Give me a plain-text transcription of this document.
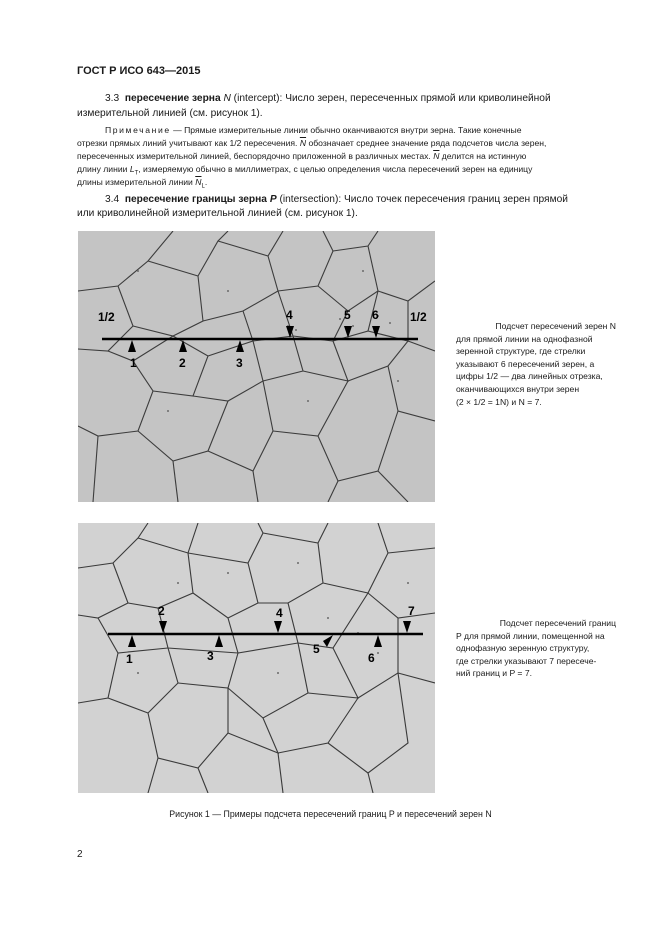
ГОСТ Р ИСО 643—2015
3.3 пересечение зерна N (intercept): Число зерен, пересеченных прямой или криволинейной
измерительной линией (см. рисунок 1).
Примечание — Прямые измерительные линии обычно оканчиваются внутри зерна. Такие конечные
отрезки прямых линий учитывают как 1/2 пересечения. $\overline{N}$ обозначает среднее значение ряда подсчетов числа зерен,
пересеченных измерительной линией, беспорядочно приложенной в различных местах. $\overline{N}$ делится на истинную
длину линии $L_T$, измеряемую обычно в миллиметрах, с целью определения числа пересечений зерен на единицу
длины измерительной линии $\overline{N}_L$.
3.4 пересечение границы зерна P (intersection): Число точек пересечения границ зерен прямой
или криволинейной измерительной линией (см. рисунок 1).
1/2
1	2	3
4	5 6	1/2
Подсчет пересечений зерен N
для прямой линии на однофазной
зеренной структуре, где стрелки
указывают 6 пересечений зерен, а
цифры 1/2 — два линейных отрезка,
оканчивающихся внутри зерен
(2 × 1/2 = 1N) и N = 7.
1
2
3
4
5
6
7
Подсчет пересечений границ
P для прямой линии, помещенной на
однофазную зеренную структуру,
где стрелки указывают 7 пересече-
ний границ и P = 7.
Рисунок 1 — Примеры подсчета пересечений границ P и пересечений зерен N
2
